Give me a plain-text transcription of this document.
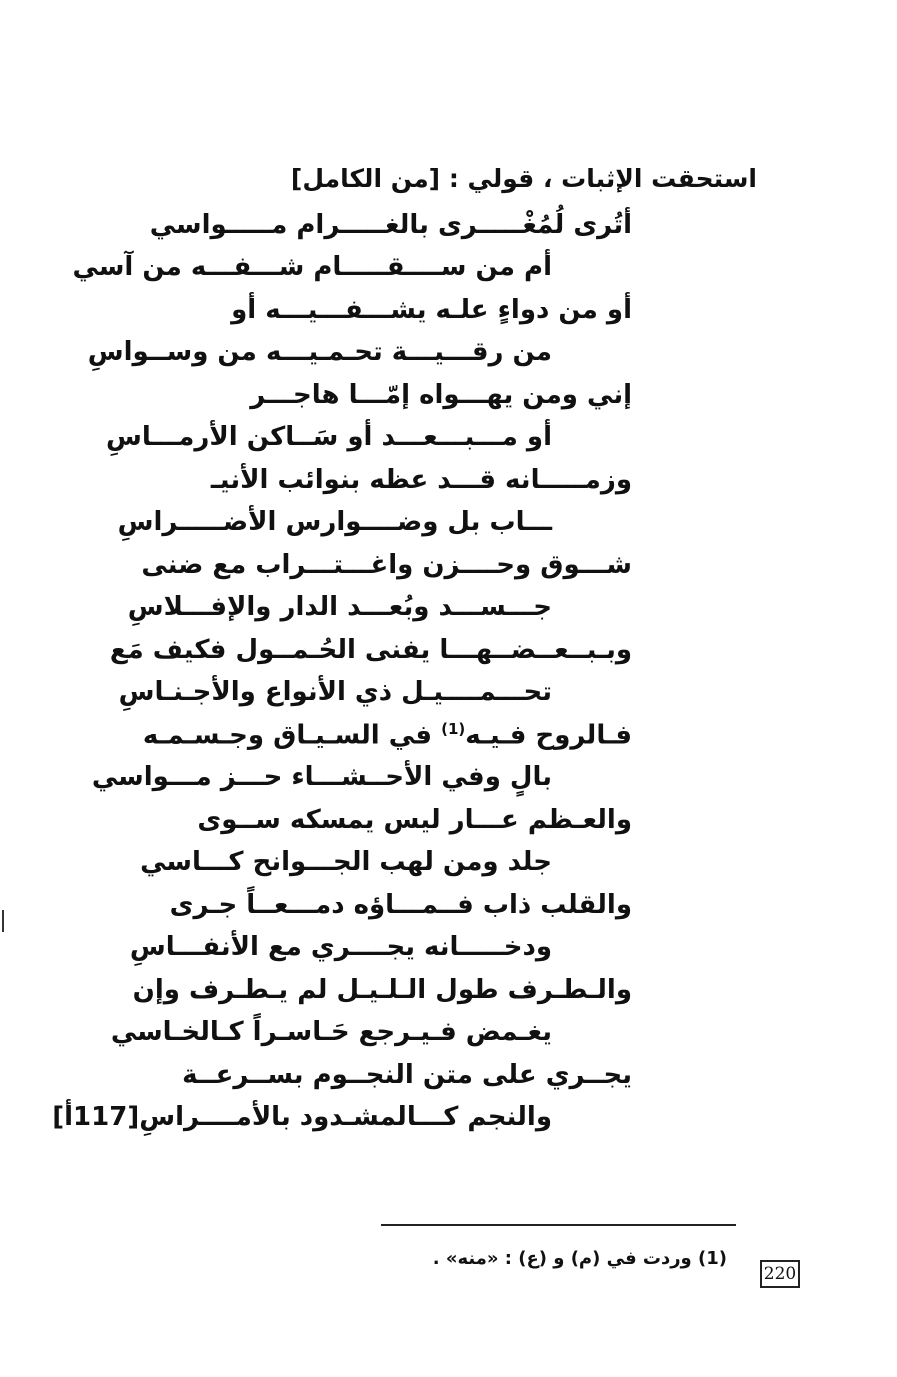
استحقت الإثبات ، قولي : [من الكامل]
أتُرى لُمُغْـــــرى بالغـــــرام مـــــواسي
أم من ســــقـــــام شـــفـــه من آسي
أو من دواءٍ علـه يشـــفـــيـــه أو
من رقـــيـــة تحـمـيـــه من وســواسِ
إني ومن يهـــواه إمّـــا هاجـــر
أو مـــبـــعـــد أو سَــاكن الأرمـــاسِ
وزمـــــانه قـــد عظه بنوائب الأنيـ
ـــاب بل وضــــوارس الأضـــــراسِ
شـــوق وحــــزن واغـــتـــراب مع ضنى
جـــســـد وبُعـــد الدار والإفـــلاسِ
وبـبــعــضــهـــا يفنى الحُـمــول فكيف مَع
تحـــمــــيـل ذي الأنواع والأجـنـاسِ
فـالروح فـيـه$^{(1)}$ في السـيـاق وجـسـمـه
بالٍ وفي الأحــشـــاء حـــز مـــواسي
والعـظم عـــار ليس يمسكه ســوى
جلد ومن لهب الجـــوانح كـــاسي
والقلب ذاب فــمـــاؤه دمـــعــاً جـرى
ودخـــــانه يجــــري مع الأنفـــاسِ
والـطـرف طول الـلـيـل لم يـطـرف وإن
يغـمض فـيـرجع حَـاسـراً كـالخـاسي
يجــري على متن النجــوم بســرعــة
والنجم كـــالمشـدود بالأمــــراسِ[117أ]
(1) وردت في (م) و (ع) : «منه» .
220
